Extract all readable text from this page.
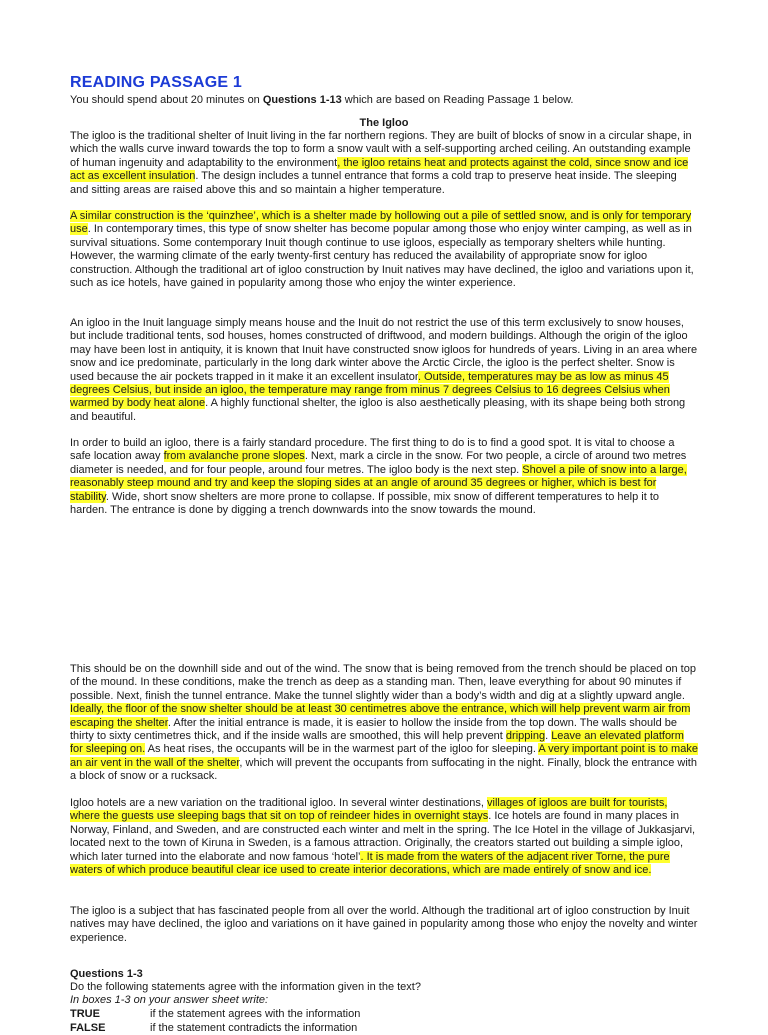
READING PASSAGE 1
You should spend about 20 minutes on Questions 1-13 which are based on Reading Passage 1 below.
The Igloo

The igloo is the traditional shelter of Inuit living in the far northern regions. They are built of blocks of snow in a circular shape, in which the walls curve inward towards the top to form a snow vault with a self-supporting arched ceiling. An outstanding example of human ingenuity and adaptability to the environment, the igloo retains heat and protects against the cold, since snow and ice act as excellent insulation. The design includes a tunnel entrance that forms a cold trap to preserve heat inside. The sleeping and sitting areas are raised above this and so maintain a higher temperature.

A similar construction is the ‘quinzhee’, which is a shelter made by hollowing out a pile of settled snow, and is only for temporary use. In contemporary times, this type of snow shelter has become popular among those who enjoy winter camping, as well as in survival situations. Some contemporary Inuit though continue to use igloos, especially as temporary shelters while hunting. However, the warming climate of the early twenty-first century has reduced the availability of appropriate snow for igloo construction. Although the traditional art of igloo construction by Inuit natives may have declined, the igloo and variations upon it, such as ice hotels, have gained in popularity among those who enjoy the winter experience.

An igloo in the Inuit language simply means house and the Inuit do not restrict the use of this term exclusively to snow houses, but include traditional tents, sod houses, homes constructed of driftwood, and modern buildings. Although the origin of the igloo may have been lost in antiquity, it is known that Inuit have constructed snow igloos for hundreds of years. Living in an area where snow and ice predominate, particularly in the long dark winter above the Arctic Circle, the igloo is the perfect shelter. Snow is used because the air pockets trapped in it make it an excellent insulator. Outside, temperatures may be as low as minus 45 degrees Celsius, but inside an igloo, the temperature may range from minus 7 degrees Celsius to 16 degrees Celsius when warmed by body heat alone. A highly functional shelter, the igloo is also aesthetically pleasing, with its shape being both strong and beautiful.

In order to build an igloo, there is a fairly standard procedure. The first thing to do is to find a good spot. It is vital to choose a safe location away from avalanche prone slopes. Next, mark a circle in the snow. For two people, a circle of around two metres diameter is needed, and for four people, around four metres. The igloo body is the next step. Shovel a pile of snow into a large, reasonably steep mound and try and keep the sloping sides at an angle of around 35 degrees or higher, which is best for stability. Wide, short snow shelters are more prone to collapse. If possible, mix snow of different temperatures to help it to harden. The entrance is done by digging a trench downwards into the snow towards the mound.

This should be on the downhill side and out of the wind. The snow that is being removed from the trench should be placed on top of the mound. In these conditions, make the trench as deep as a standing man. Then, leave everything for about 90 minutes if possible. Next, finish the tunnel entrance. Make the tunnel slightly wider than a body’s width and dig at a slightly upward angle. Ideally, the floor of the snow shelter should be at least 30 centimetres above the entrance, which will help prevent warm air from escaping the shelter. After the initial entrance is made, it is easier to hollow the inside from the top down. The walls should be thirty to sixty centimetres thick, and if the inside walls are smoothed, this will help prevent dripping. Leave an elevated platform for sleeping on. As heat rises, the occupants will be in the warmest part of the igloo for sleeping. A very important point is to make an air vent in the wall of the shelter, which will prevent the occupants from suffocating in the night. Finally, block the entrance with a block of snow or a rucksack.

Igloo hotels are a new variation on the traditional igloo. In several winter destinations, villages of igloos are built for tourists, where the guests use sleeping bags that sit on top of reindeer hides in overnight stays. Ice hotels are found in many places in Norway, Finland, and Sweden, and are constructed each winter and melt in the spring. The Ice Hotel in the village of Jukkasjarvi, located next to the town of Kiruna in Sweden, is a famous attraction. Originally, the creators started out building a simple igloo, which later turned into the elaborate and now famous ‘hotel’. It is made from the waters of the adjacent river Torne, the pure waters of which produce beautiful clear ice used to create interior decorations, which are made entirely of snow and ice.

The igloo is a subject that has fascinated people from all over the world. Although the traditional art of igloo construction by Inuit natives may have declined, the igloo and variations on it have gained in popularity among those who enjoy the novelty and winter experience.

Questions 1-3
Do the following statements agree with the information given in the text?
In boxes 1-3 on your answer sheet write:
TRUE	if the statement agrees with the information
FALSE	if the statement contradicts the information
